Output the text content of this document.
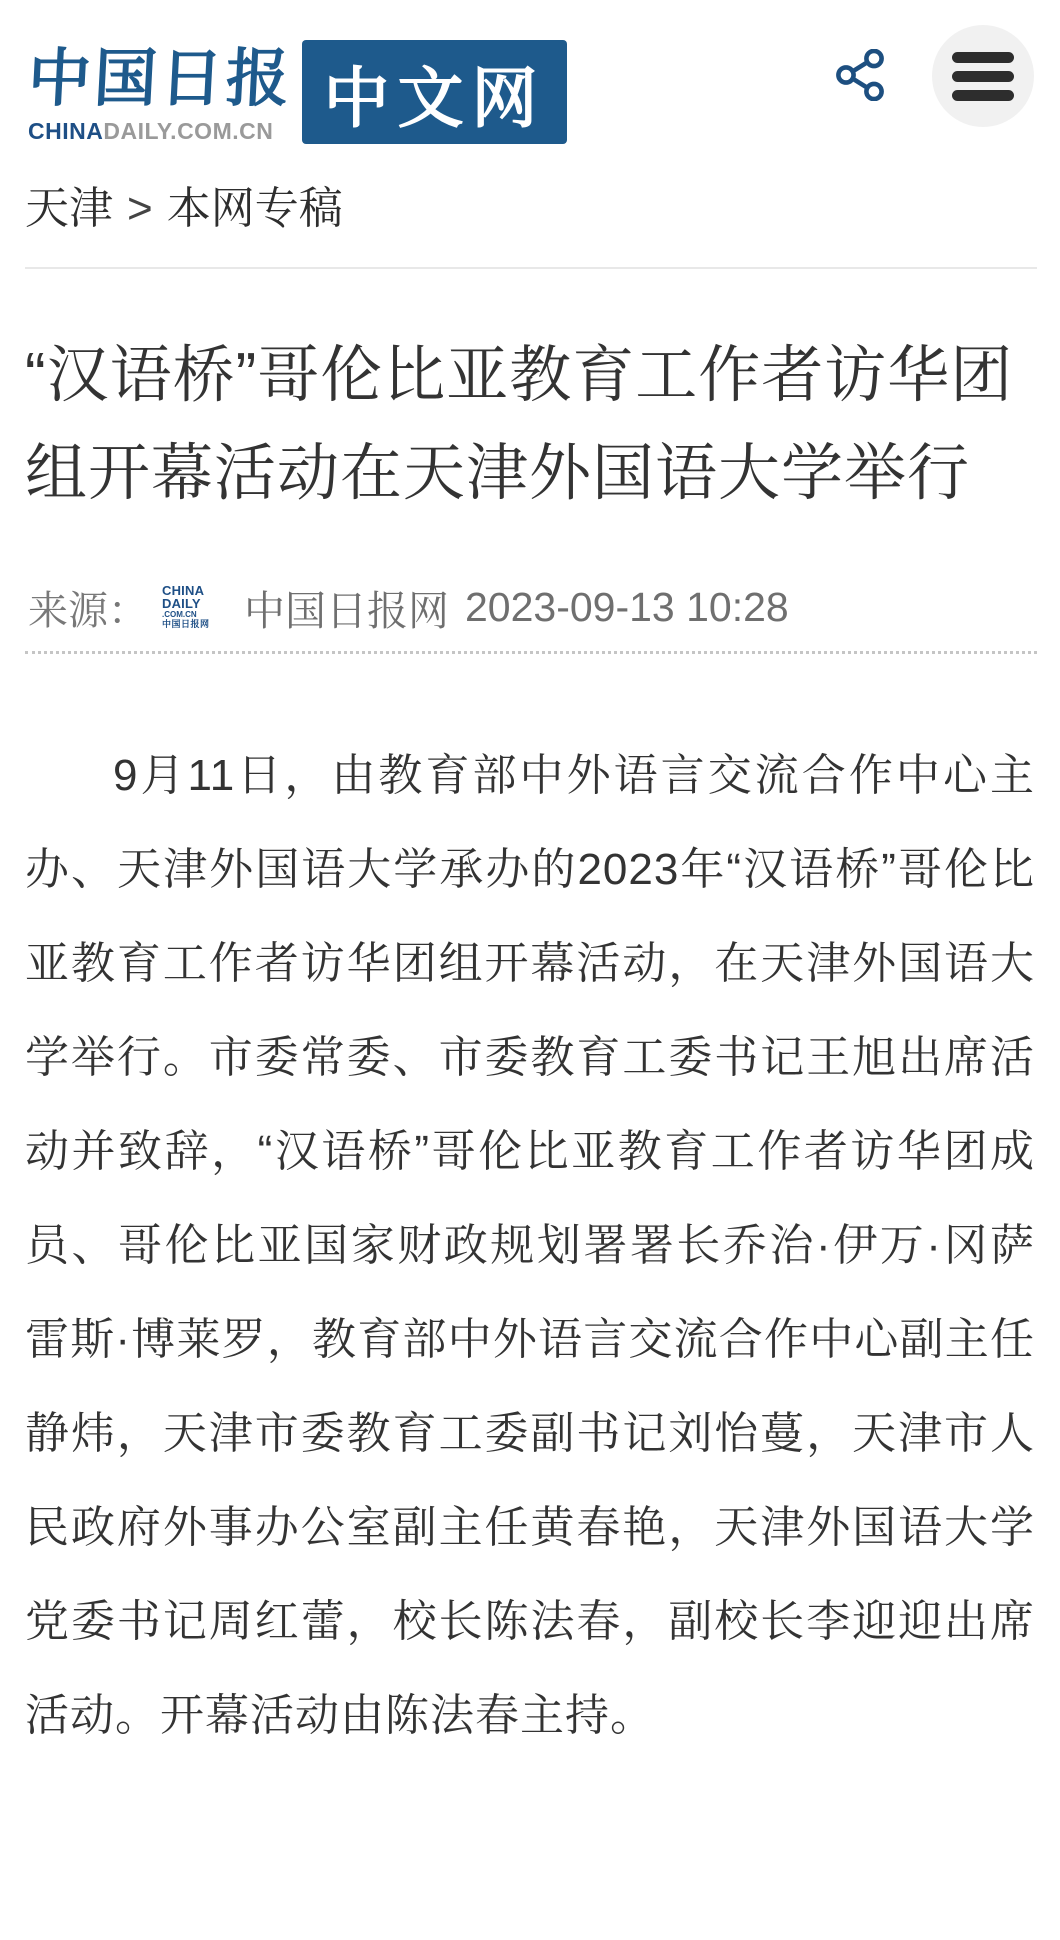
中国日报
CHINADAILY.COM.CN 中文网
天津 > 本网专稿
“汉语桥”哥伦比亚教育工作者访华团组开幕活动在天津外国语大学举行
来源： CHINA
DAILY
.COM.CN
中国日报网 中国日报网 2023-09-13 10:28

9月11日，由教育部中外语言交流合作中心主办、天津外国语大学承办的2023年“汉语桥”哥伦比亚教育工作者访华团组开幕活动，在天津外国语大学举行。市委常委、市委教育工委书记王旭出席活动并致辞，“汉语桥”哥伦比亚教育工作者访华团成员、哥伦比亚国家财政规划署署长乔治·伊万·冈萨雷斯·博莱罗，教育部中外语言交流合作中心副主任静炜，天津市委教育工委副书记刘怡蔓，天津市人民政府外事办公室副主任黄春艳，天津外国语大学党委书记周红蕾，校长陈法春，副校长李迎迎出席活动。开幕活动由陈法春主持。
